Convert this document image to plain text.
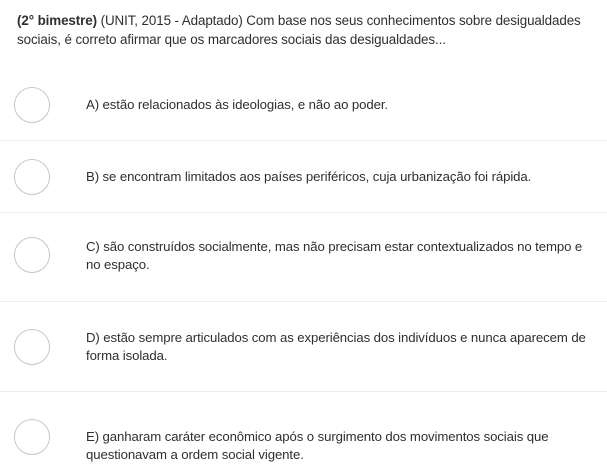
(2° bimestre) (UNIT, 2015 - Adaptado) Com base nos seus conhecimentos sobre desigualdades sociais, é correto afirmar que os marcadores sociais das desigualdades...
A) estão relacionados às ideologias, e não ao poder.
B) se encontram limitados aos países periféricos, cuja urbanização foi rápida.
C) são construídos socialmente, mas não precisam estar contextualizados no tempo e no espaço.
D) estão sempre articulados com as experiências dos indivíduos e nunca aparecem de forma isolada.
E) ganharam caráter econômico após o surgimento dos movimentos sociais que questionavam a ordem social vigente.
